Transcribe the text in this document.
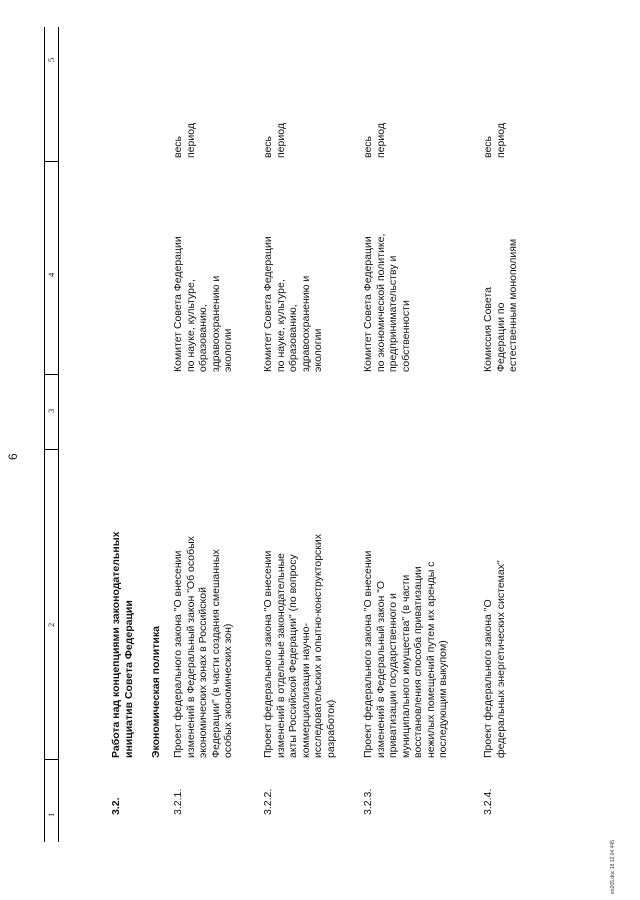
6
1
2
3
4
5
3.2.
Работа над концепциями законодательных инициатив Совета Федерации Экономическая политика
3.2.1.
Проект федерального закона "О внесении изменений в Федеральный закон "Об особых экономических зонах в Российской Федерации" (в части создания смешанных особых экономических зон)
Комитет Совета Федерации по науке, культуре, образованию, здравоохранению и экологии
весь период
3.2.2.
Проект федерального закона "О внесении изменений в отдельные законодательные акты Российской Федерации" (по вопросу коммерциализации научно- исследовательских и опытно-конструкторских разработок)
Комитет Совета Федерации по науке, культуре, образованию, здравоохранению и экологии
весь период
3.2.3.
Проект федерального закона "О внесении изменений в Федеральный закон "О приватизации государственного и муниципального имущества" (в части восстановления способа приватизации нежилых помещений путем их аренды с последующим выкупом)
Комитет Совета Федерации по экономической политике, предпринимательству и собственности
весь период
3.2.4.
Проект федерального закона "О федеральных энергетических системах"
Комиссия Совета Федерации по естественным монополиям
весь период
en265.doc 18.12.04 445
